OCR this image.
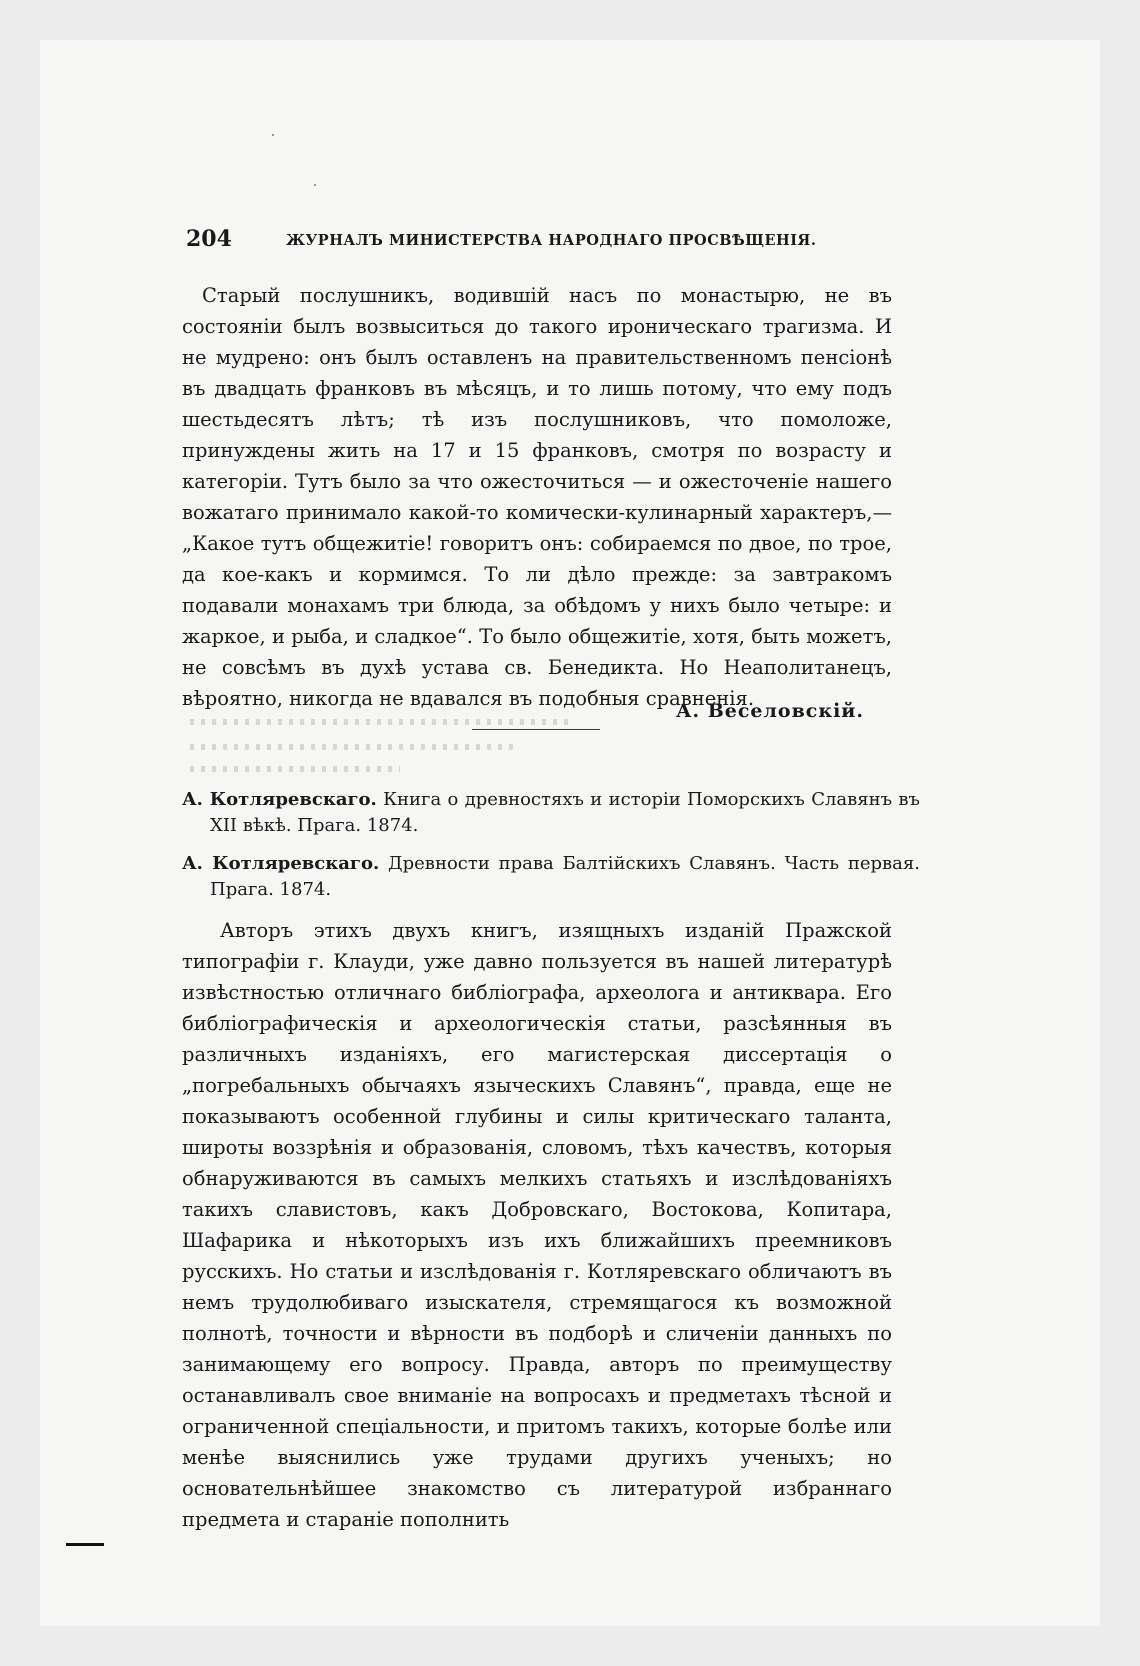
204	ЖУРНАЛЪ МИНИСТЕРСТВА НАРОДНАГО ПРОСВѢЩЕНІЯ.

Старый послушникъ, водившій насъ по монастырю, не въ состояніи былъ возвыситься до такого ироническаго трагизма. И не мудрено: онъ былъ оставленъ на правительственномъ пенсіонѣ въ двадцать франковъ въ мѣсяцъ, и то лишь потому, что ему подъ шестьдесятъ лѣтъ; тѣ изъ послушниковъ, что помоложе, принуждены жить на 17 и 15 франковъ, смотря по возрасту и категоріи. Тутъ было за что ожесточиться — и ожесточеніе нашего вожатаго принимало какой-то комически-кулинарный характеръ,— „Какое тутъ общежитіе! говоритъ онъ: собираемся по двое, по трое, да кое-какъ и кормимся. То ли дѣло прежде: за завтракомъ подавали монахамъ три блюда, за обѣдомъ у нихъ было четыре: и жаркое, и рыба, и сладкое“. То было общежитіе, хотя, быть можетъ, не совсѣмъ въ духѣ устава св. Бенедикта. Но Неаполитанецъ, вѣроятно, никогда не вдавался въ подобныя сравненія.

А. Веселовскій.

А. Котляревскаго. Книга о древностяхъ и исторіи Поморскихъ Славянъ въ XII вѣкѣ. Прага. 1874.

А. Котляревскаго. Древности права Балтійскихъ Славянъ. Часть первая. Прага. 1874.

Авторъ этихъ двухъ книгъ, изящныхъ изданій Пражской типографіи г. Клауди, уже давно пользуется въ нашей литературѣ извѣстностью отличнаго библіографа, археолога и антикварa. Его библіографическія и археологическія статьи, разсѣянныя въ различныхъ изданіяхъ, его магистерская диссертація о „погребальныхъ обычаяхъ языческихъ Славянъ“, правда, еще не показываютъ особенной глубины и силы критическаго таланта, широты воззрѣнія и образованія, словомъ, тѣхъ качествъ, которыя обнаруживаются въ самыхъ мелкихъ статьяхъ и изслѣдованіяхъ такихъ славистовъ, какъ Добровскаго, Востокова, Копитара, Шафарика и нѣкоторыхъ изъ ихъ ближайшихъ преемниковъ русскихъ. Но статьи и изслѣдованія г. Котляревскаго обличаютъ въ немъ трудолюбиваго изыскателя, стремящагося къ возможной полнотѣ, точности и вѣрности въ подборѣ и сличеніи данныхъ по занимающему его вопросу. Правда, авторъ по преимуществу останавливалъ свое вниманіе на вопросахъ и предметахъ тѣсной и ограниченной спеціальности, и притомъ такихъ, которые болѣе или менѣе выяснились уже трудами другихъ ученыхъ; но основательнѣйшее знакомство съ литературой избраннаго предмета и стараніе пополнить
